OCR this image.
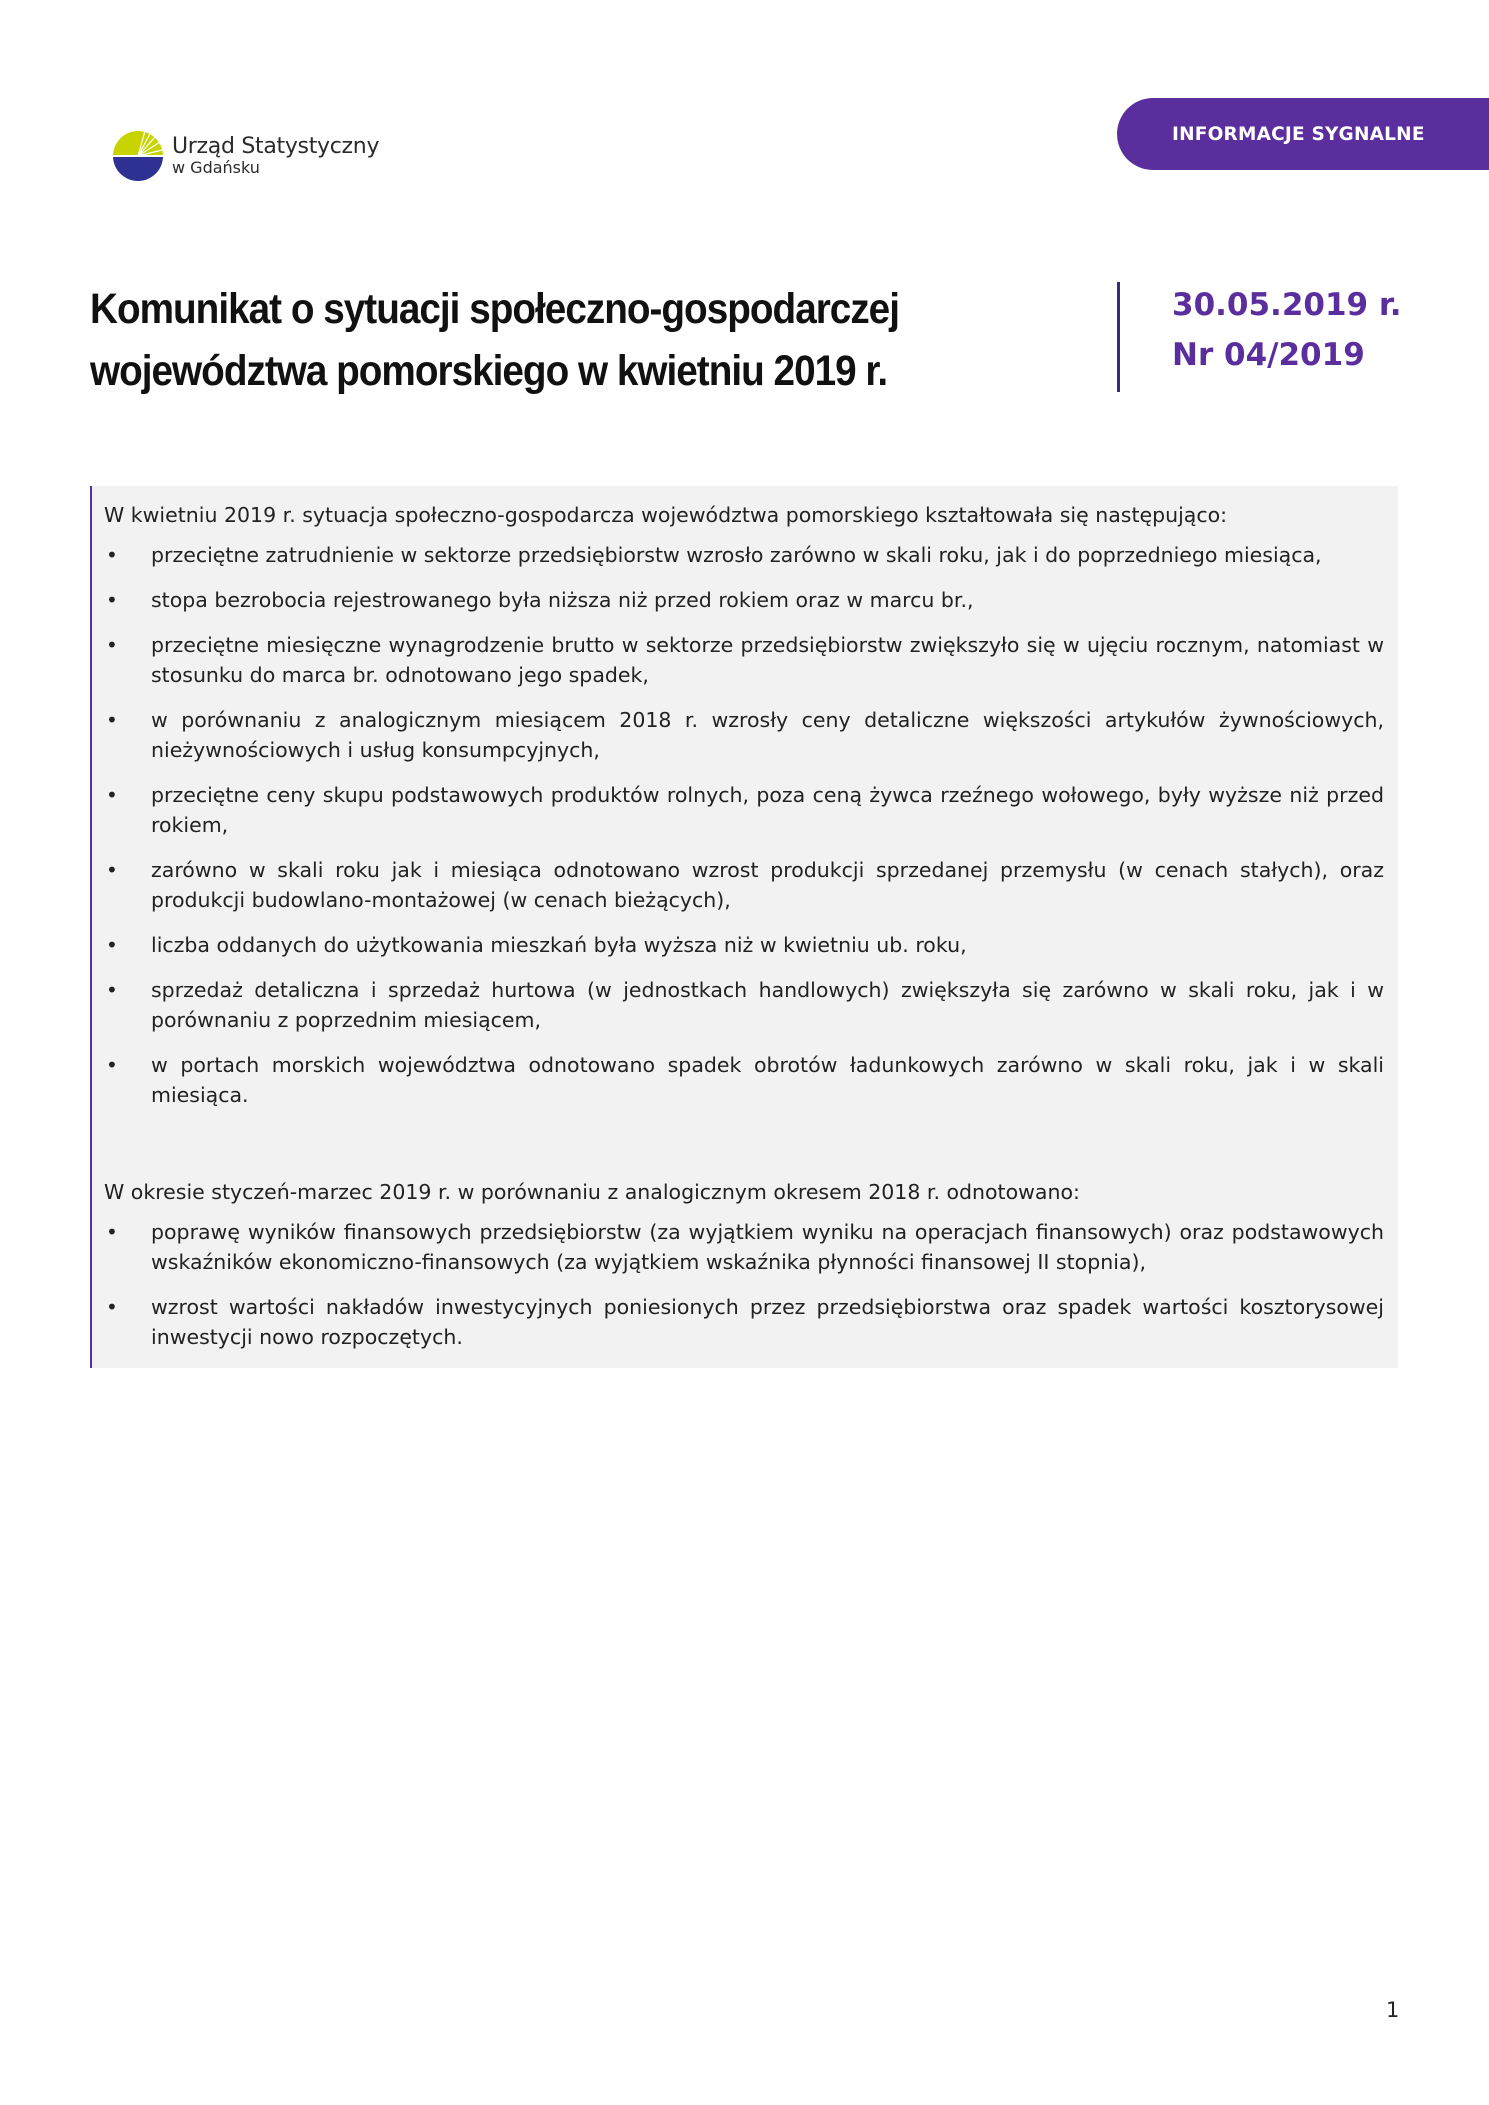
Urząd Statystyczny
w Gdańsku
INFORMACJE SYGNALNE
Komunikat o sytuacji społeczno-gospodarczej
województwa pomorskiego w kwietniu 2019 r.
30.05.2019 r.
Nr 04/2019

W kwietniu 2019 r. sytuacja społeczno-gospodarcza województwa pomorskiego kształtowała się następująco:

• przeciętne zatrudnienie w sektorze przedsiębiorstw wzrosło zarówno w skali roku, jak i do poprzedniego miesiąca,
• stopa bezrobocia rejestrowanego była niższa niż przed rokiem oraz w marcu br.,
• przeciętne miesięczne wynagrodzenie brutto w sektorze przedsiębiorstw zwiększyło się w ujęciu rocznym, natomiast w stosunku do marca br. odnotowano jego spadek,
• w porównaniu z analogicznym miesiącem 2018 r. wzrosły ceny detaliczne większości artykułów żywnościowych, nieżywnościowych i usług konsumpcyjnych,
• przeciętne ceny skupu podstawowych produktów rolnych, poza ceną żywca rzeźnego wołowego, były wyższe niż przed rokiem,
• zarówno w skali roku jak i miesiąca odnotowano wzrost produkcji sprzedanej przemysłu (w cenach stałych), oraz produkcji budowlano-montażowej (w cenach bieżących),
• liczba oddanych do użytkowania mieszkań była wyższa niż w kwietniu ub. roku,
• sprzedaż detaliczna i sprzedaż hurtowa (w jednostkach handlowych) zwiększyła się zarówno w skali roku, jak i w porównaniu z poprzednim miesiącem,
• w portach morskich województwa odnotowano spadek obrotów ładunkowych zarówno w skali roku, jak i w skali miesiąca.

W okresie styczeń-marzec 2019 r. w porównaniu z analogicznym okresem 2018 r. odnotowano:

• poprawę wyników finansowych przedsiębiorstw (za wyjątkiem wyniku na operacjach finansowych) oraz podstawowych wskaźników ekonomiczno-finansowych (za wyjątkiem wskaźnika płynności finansowej II stopnia),
• wzrost wartości nakładów inwestycyjnych poniesionych przez przedsiębiorstwa oraz spadek wartości kosztorysowej inwestycji nowo rozpoczętych.
1
